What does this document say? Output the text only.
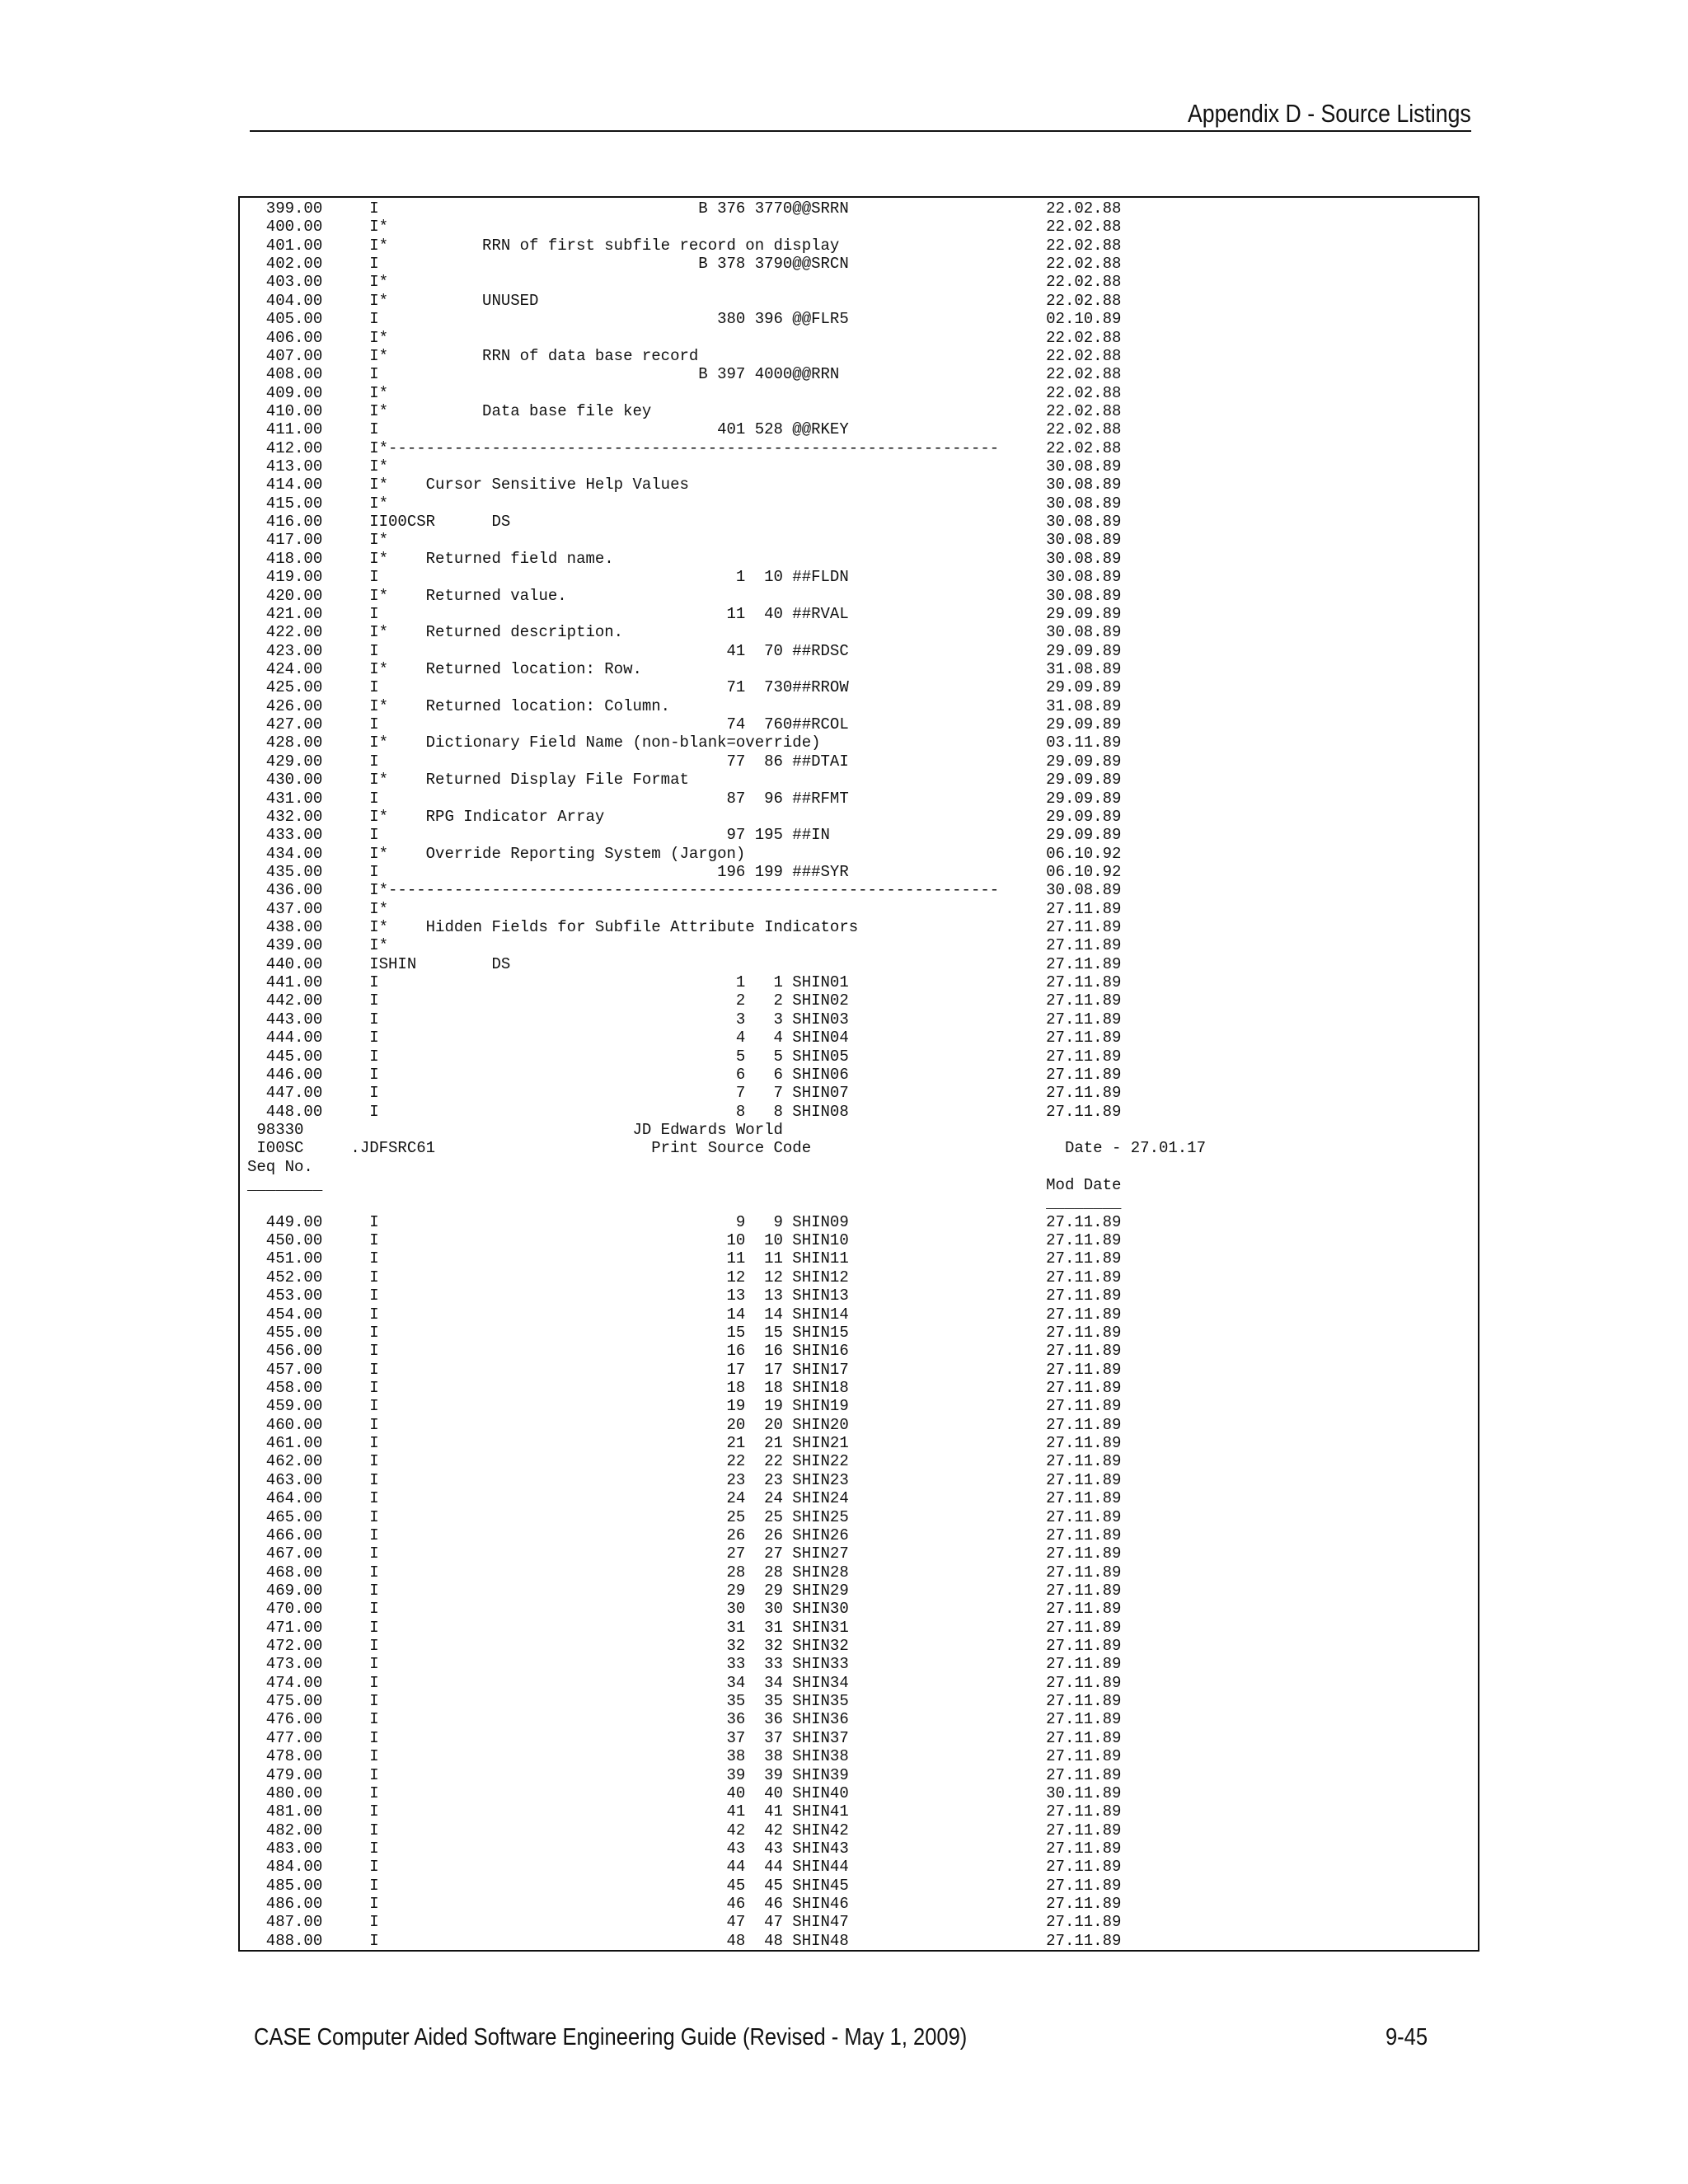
Appendix D - Source Listings
399.00     I                                  B 376 3770@@SRRN                     22.02.88
400.00     I*                                                                      22.02.88
401.00     I*          RRN of first subfile record on display                      22.02.88
402.00     I                                  B 378 3790@@SRCN                     22.02.88
403.00     I*                                                                      22.02.88
404.00     I*          UNUSED                                                      22.02.88
405.00     I                                    380 396 @@FLR5                     02.10.89
406.00     I*                                                                      22.02.88
407.00     I*          RRN of data base record                                     22.02.88
408.00     I                                  B 397 4000@@RRN                      22.02.88
409.00     I*                                                                      22.02.88
410.00     I*          Data base file key                                          22.02.88
411.00     I                                    401 528 @@RKEY                     22.02.88
412.00     I*-----------------------------------------------------------------     22.02.88
413.00     I*                                                                      30.08.89
414.00     I*    Cursor Sensitive Help Values                                      30.08.89
415.00     I*                                                                      30.08.89
416.00     II00CSR      DS                                                         30.08.89
417.00     I*                                                                      30.08.89
418.00     I*    Returned field name.                                              30.08.89
419.00     I                                      1  10 ##FLDN                     30.08.89
420.00     I*    Returned value.                                                   30.08.89
421.00     I                                     11  40 ##RVAL                     29.09.89
422.00     I*    Returned description.                                             30.08.89
423.00     I                                     41  70 ##RDSC                     29.09.89
424.00     I*    Returned location: Row.                                           31.08.89
425.00     I                                     71  730##RROW                     29.09.89
426.00     I*    Returned location: Column.                                        31.08.89
427.00     I                                     74  760##RCOL                     29.09.89
428.00     I*    Dictionary Field Name (non-blank=override)                        03.11.89
429.00     I                                     77  86 ##DTAI                     29.09.89
430.00     I*    Returned Display File Format                                      29.09.89
431.00     I                                     87  96 ##RFMT                     29.09.89
432.00     I*    RPG Indicator Array                                               29.09.89
433.00     I                                     97 195 ##IN                       29.09.89
434.00     I*    Override Reporting System (Jargon)                                06.10.92
435.00     I                                    196 199 ###SYR                     06.10.92
436.00     I*-----------------------------------------------------------------     30.08.89
437.00     I*                                                                      27.11.89
438.00     I*    Hidden Fields for Subfile Attribute Indicators                    27.11.89
439.00     I*                                                                      27.11.89
440.00     ISHIN        DS                                                         27.11.89
441.00     I                                      1   1 SHIN01                     27.11.89
442.00     I                                      2   2 SHIN02                     27.11.89
443.00     I                                      3   3 SHIN03                     27.11.89
444.00     I                                      4   4 SHIN04                     27.11.89
445.00     I                                      5   5 SHIN05                     27.11.89
446.00     I                                      6   6 SHIN06                     27.11.89
447.00     I                                      7   7 SHIN07                     27.11.89
448.00     I                                      8   8 SHIN08                     27.11.89
98330                                   JD Edwards World
I00SC     .JDFSRC61                       Print Source Code                           Date - 27.01.17
Seq No.
________                                                                             Mod Date
________
449.00     I                                      9   9 SHIN09                     27.11.89
450.00     I                                     10  10 SHIN10                     27.11.89
451.00     I                                     11  11 SHIN11                     27.11.89
452.00     I                                     12  12 SHIN12                     27.11.89
453.00     I                                     13  13 SHIN13                     27.11.89
454.00     I                                     14  14 SHIN14                     27.11.89
455.00     I                                     15  15 SHIN15                     27.11.89
456.00     I                                     16  16 SHIN16                     27.11.89
457.00     I                                     17  17 SHIN17                     27.11.89
458.00     I                                     18  18 SHIN18                     27.11.89
459.00     I                                     19  19 SHIN19                     27.11.89
460.00     I                                     20  20 SHIN20                     27.11.89
461.00     I                                     21  21 SHIN21                     27.11.89
462.00     I                                     22  22 SHIN22                     27.11.89
463.00     I                                     23  23 SHIN23                     27.11.89
464.00     I                                     24  24 SHIN24                     27.11.89
465.00     I                                     25  25 SHIN25                     27.11.89
466.00     I                                     26  26 SHIN26                     27.11.89
467.00     I                                     27  27 SHIN27                     27.11.89
468.00     I                                     28  28 SHIN28                     27.11.89
469.00     I                                     29  29 SHIN29                     27.11.89
470.00     I                                     30  30 SHIN30                     27.11.89
471.00     I                                     31  31 SHIN31                     27.11.89
472.00     I                                     32  32 SHIN32                     27.11.89
473.00     I                                     33  33 SHIN33                     27.11.89
474.00     I                                     34  34 SHIN34                     27.11.89
475.00     I                                     35  35 SHIN35                     27.11.89
476.00     I                                     36  36 SHIN36                     27.11.89
477.00     I                                     37  37 SHIN37                     27.11.89
478.00     I                                     38  38 SHIN38                     27.11.89
479.00     I                                     39  39 SHIN39                     27.11.89
480.00     I                                     40  40 SHIN40                     30.11.89
481.00     I                                     41  41 SHIN41                     27.11.89
482.00     I                                     42  42 SHIN42                     27.11.89
483.00     I                                     43  43 SHIN43                     27.11.89
484.00     I                                     44  44 SHIN44                     27.11.89
485.00     I                                     45  45 SHIN45                     27.11.89
486.00     I                                     46  46 SHIN46                     27.11.89
487.00     I                                     47  47 SHIN47                     27.11.89
488.00     I                                     48  48 SHIN48                     27.11.89
CASE Computer Aided Software Engineering Guide (Revised - May 1, 2009)	9-45
